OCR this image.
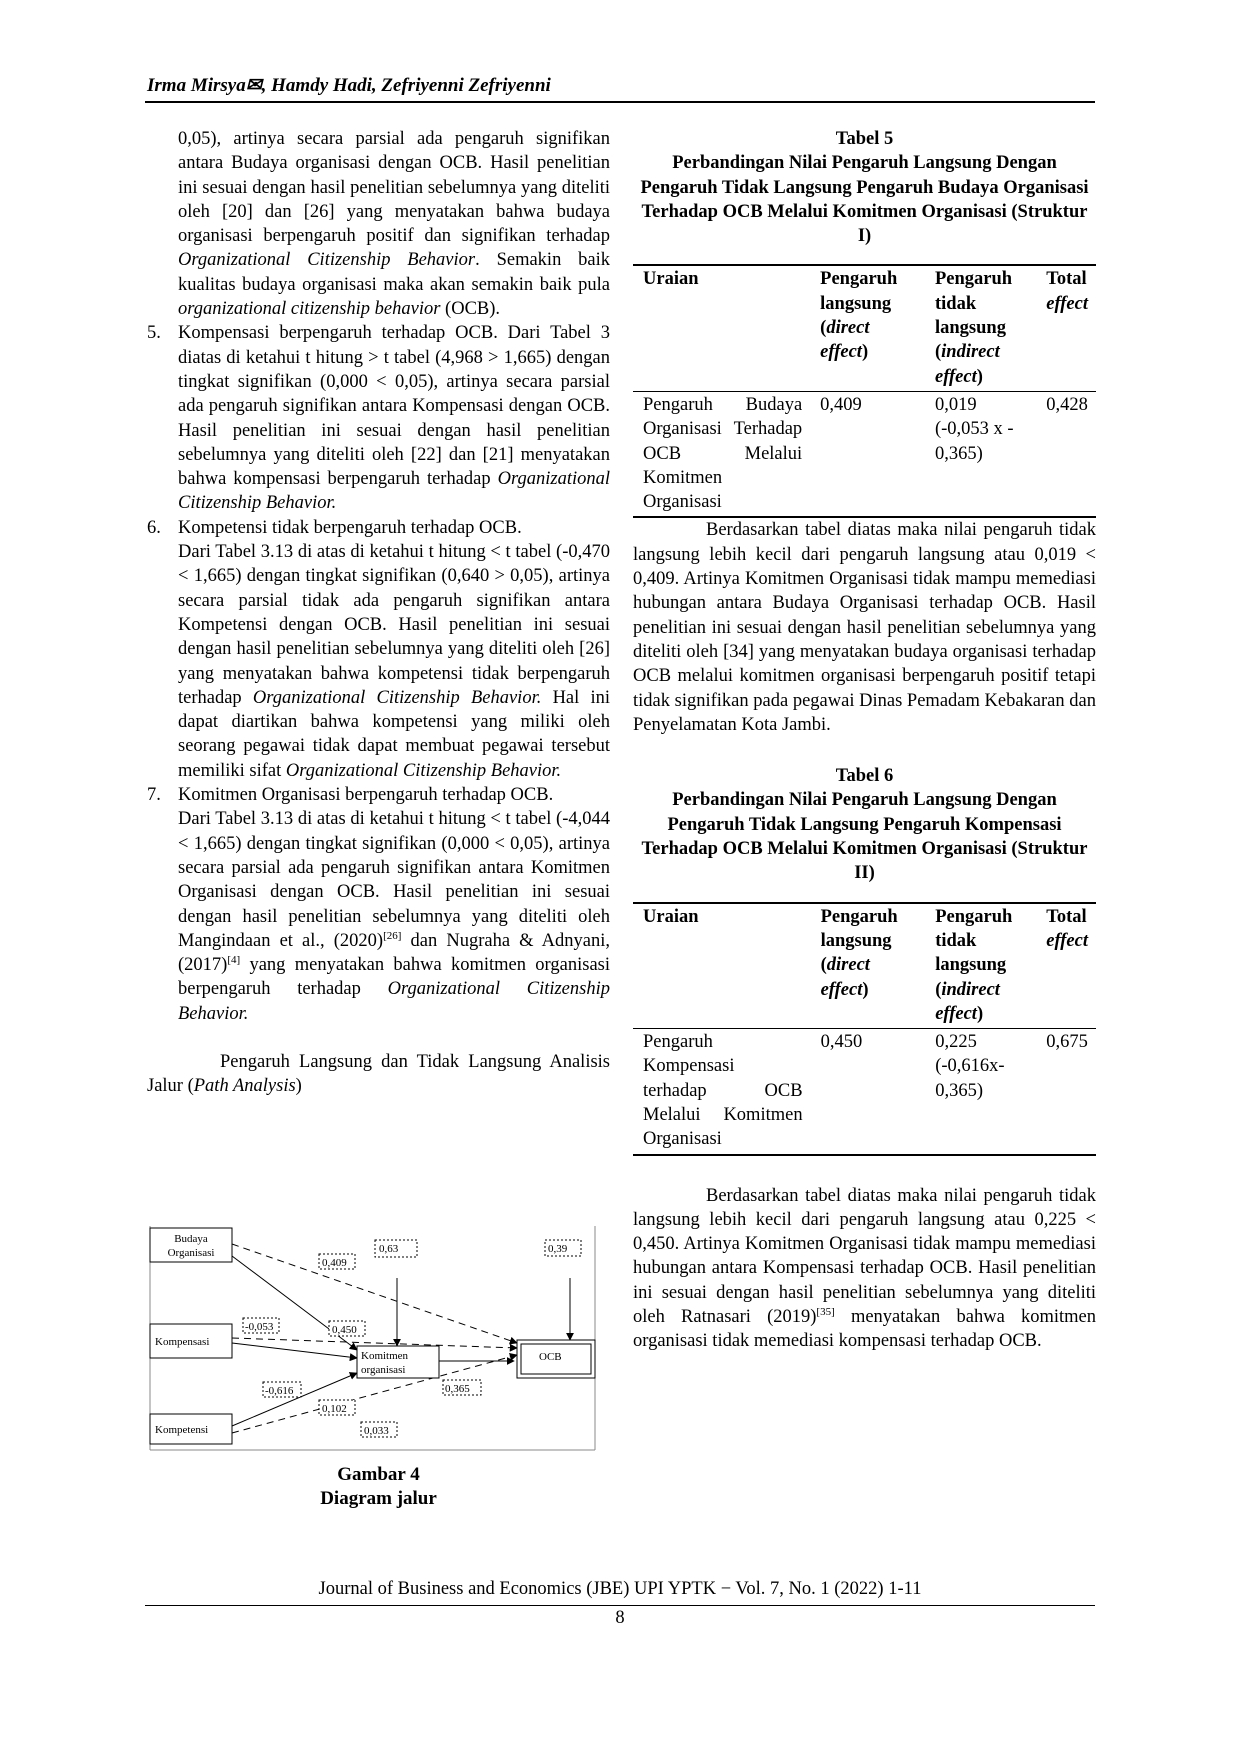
Irma Mirsya✉, Hamdy Hadi, Zefriyenni Zefriyenni

0,05), artinya secara parsial ada pengaruh signifikan antara Budaya organisasi dengan OCB. Hasil penelitian ini sesuai dengan hasil penelitian sebelumnya yang diteliti oleh [20] dan [26] yang menyatakan bahwa budaya organisasi berpengaruh positif dan signifikan terhadap Organizational Citizenship Behavior. Semakin baik kualitas budaya organisasi maka akan semakin baik pula organizational citizenship behavior (OCB).

5. Kompensasi berpengaruh terhadap OCB. Dari Tabel 3 diatas di ketahui t hitung > t tabel (4,968 > 1,665) dengan tingkat signifikan (0,000 < 0,05), artinya secara parsial ada pengaruh signifikan antara Kompensasi dengan OCB. Hasil penelitian ini sesuai dengan hasil penelitian sebelumnya yang diteliti oleh [22] dan [21] menyatakan bahwa kompensasi berpengaruh terhadap Organizational Citizenship Behavior.

6. Kompetensi tidak berpengaruh terhadap OCB.

Dari Tabel 3.13 di atas di ketahui t hitung < t tabel (-0,470 < 1,665) dengan tingkat signifikan (0,640 > 0,05), artinya secara parsial tidak ada pengaruh signifikan antara Kompetensi dengan OCB. Hasil penelitian ini sesuai dengan hasil penelitian sebelumnya yang diteliti oleh [26] yang menyatakan bahwa kompetensi tidak berpengaruh terhadap Organizational Citizenship Behavior. Hal ini dapat diartikan bahwa kompetensi yang miliki oleh seorang pegawai tidak dapat membuat pegawai tersebut memiliki sifat Organizational Citizenship Behavior.

7. Komitmen Organisasi berpengaruh terhadap OCB.

Dari Tabel 3.13 di atas di ketahui t hitung < t tabel (-4,044 < 1,665) dengan tingkat signifikan (0,000 < 0,05), artinya secara parsial ada pengaruh signifikan antara Komitmen Organisasi dengan OCB. Hasil penelitian ini sesuai dengan hasil penelitian sebelumnya yang diteliti oleh Mangindaan et al., (2020)[26] dan Nugraha & Adnyani, (2017)[4] yang menyatakan bahwa komitmen organisasi berpengaruh terhadap Organizational Citizenship Behavior.

Pengaruh Langsung dan Tidak Langsung Analisis Jalur (Path Analysis)

Budaya
Organisasi
Kompensasi
Kompetensi
Komitmen
organisasi
OCB
0,409
0,63	0,39
-0,053	0,450
-0,616	0,365
0,102
0,033
Gambar 4
Diagram jalur

Tabel 5

Perbandingan Nilai Pengaruh Langsung Dengan Pengaruh Tidak Langsung Pengaruh Budaya Organisasi Terhadap OCB Melalui Komitmen Organisasi (Struktur I)

Uraian	Pengaruh langsung (direct effect)	Pengaruh tidak langsung (indirect effect)	Total effect
Pengaruh Budaya Organisasi Terhadap OCB Melalui Komitmen Organisasi	0,409	0,019 (-0,053 x - 0,365)	0,428

Berdasarkan tabel diatas maka nilai pengaruh tidak langsung lebih kecil dari pengaruh langsung atau 0,019 < 0,409. Artinya Komitmen Organisasi tidak mampu memediasi hubungan antara Budaya Organisasi terhadap OCB. Hasil penelitian ini sesuai dengan hasil penelitian sebelumnya yang diteliti oleh [34] yang menyatakan budaya organisasi terhadap OCB melalui komitmen organisasi berpengaruh positif tetapi tidak signifikan pada pegawai Dinas Pemadam Kebakaran dan Penyelamatan Kota Jambi.

Tabel 6

Perbandingan Nilai Pengaruh Langsung Dengan Pengaruh Tidak Langsung Pengaruh Kompensasi Terhadap OCB Melalui Komitmen Organisasi (Struktur II)

Uraian	Pengaruh langsung (direct effect)	Pengaruh tidak langsung (indirect effect)	Total effect
Pengaruh Kompensasi terhadap OCB Melalui Komitmen Organisasi	0,450	0,225 (-0,616x- 0,365)	0,675

Berdasarkan tabel diatas maka nilai pengaruh tidak langsung lebih kecil dari pengaruh langsung atau 0,225 < 0,450. Artinya Komitmen Organisasi tidak mampu memediasi hubungan antara Kompensasi terhadap OCB. Hasil penelitian ini sesuai dengan hasil penelitian sebelumnya yang diteliti oleh Ratnasari (2019)[35] menyatakan bahwa komitmen organisasi tidak memediasi kompensasi terhadap OCB.

Journal of Business and Economics (JBE) UPI YPTK − Vol. 7, No. 1 (2022) 1-11
8
